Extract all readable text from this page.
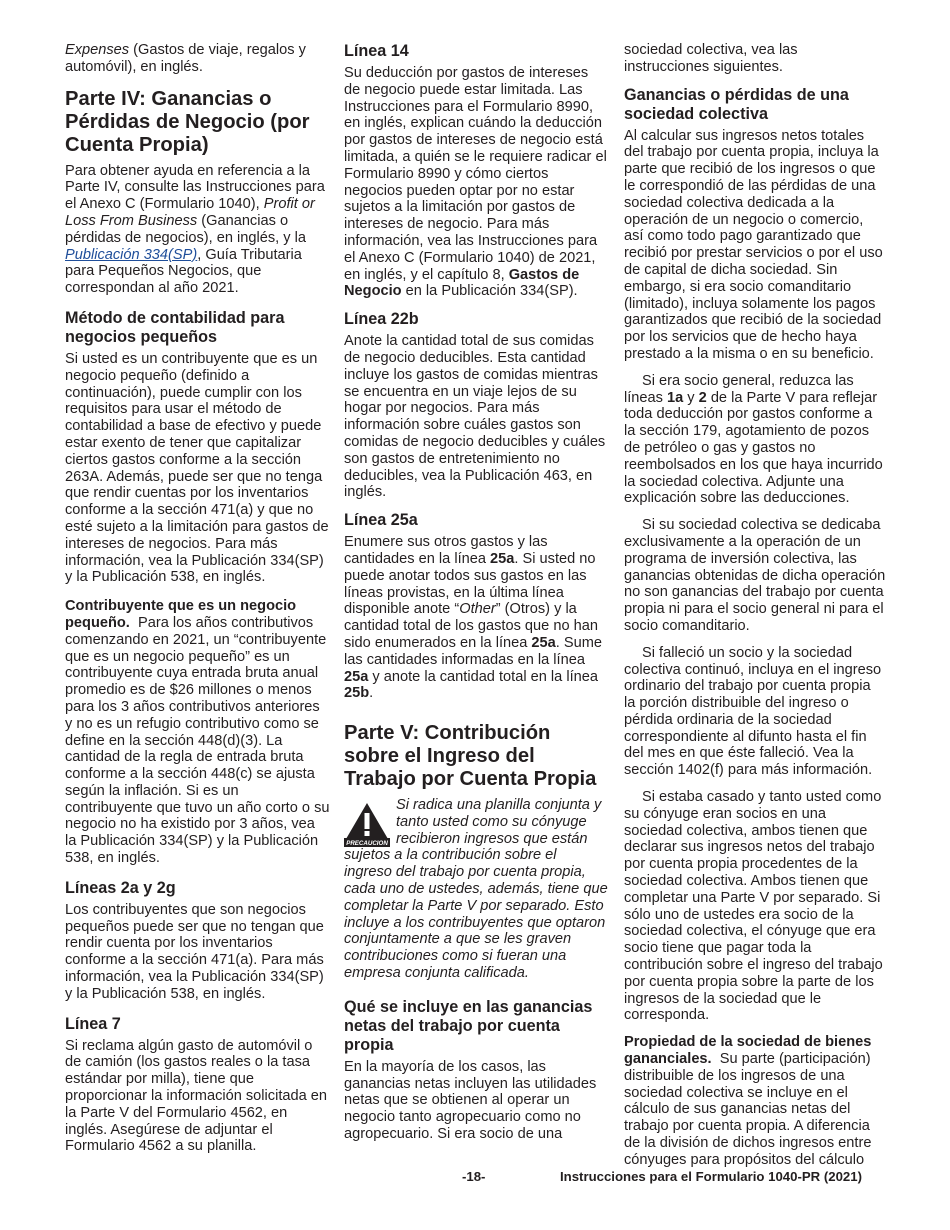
Expenses (Gastos de viaje, regalos y automóvil), en inglés.

Parte IV: Ganancias o Pérdidas de Negocio (por Cuenta Propia)

Para obtener ayuda en referencia a la Parte IV, consulte las Instrucciones para el Anexo C (Formulario 1040), Profit or Loss From Business (Ganancias o pérdidas de negocios), en inglés, y la Publicación 334(SP), Guía Tributaria para Pequeños Negocios, que correspondan al año 2021.

Método de contabilidad para negocios pequeños

Si usted es un contribuyente que es un negocio pequeño (definido a continuación), puede cumplir con los requisitos para usar el método de contabilidad a base de efectivo y puede estar exento de tener que capitalizar ciertos gastos conforme a la sección 263A. Además, puede ser que no tenga que rendir cuentas por los inventarios conforme a la sección 471(a) y que no esté sujeto a la limitación para gastos de intereses de negocios. Para más información, vea la Publicación 334(SP) y la Publicación 538, en inglés.

Contribuyente que es un negocio pequeño. Para los años contributivos comenzando en 2021, un “contribuyente que es un negocio pequeño” es un contribuyente cuya entrada bruta anual promedio es de $26 millones o menos para los 3 años contributivos anteriores y no es un refugio contributivo como se define en la sección 448(d)(3). La cantidad de la regla de entrada bruta conforme a la sección 448(c) se ajusta según la inflación. Si es un contribuyente que tuvo un año corto o su negocio no ha existido por 3 años, vea la Publicación 334(SP) y la Publicación 538, en inglés.

Líneas 2a y 2g

Los contribuyentes que son negocios pequeños puede ser que no tengan que rendir cuenta por los inventarios conforme a la sección 471(a). Para más información, vea la Publicación 334(SP) y la Publicación 538, en inglés.

Línea 7

Si reclama algún gasto de automóvil o de camión (los gastos reales o la tasa estándar por milla), tiene que proporcionar la información solicitada en la Parte V del Formulario 4562, en inglés. Asegúrese de adjuntar el Formulario 4562 a su planilla.

Línea 14

Su deducción por gastos de intereses de negocio puede estar limitada. Las Instrucciones para el Formulario 8990, en inglés, explican cuándo la deducción por gastos de intereses de negocio está limitada, a quién se le requiere radicar el Formulario 8990 y cómo ciertos negocios pueden optar por no estar sujetos a la limitación por gastos de intereses de negocio. Para más información, vea las Instrucciones para el Anexo C (Formulario 1040) de 2021, en inglés, y el capítulo 8, Gastos de Negocio en la Publicación 334(SP).

Línea 22b

Anote la cantidad total de sus comidas de negocio deducibles. Esta cantidad incluye los gastos de comidas mientras se encuentra en un viaje lejos de su hogar por negocios. Para más información sobre cuáles gastos son comidas de negocio deducibles y cuáles son gastos de entretenimiento no deducibles, vea la Publicación 463, en inglés.

Línea 25a

Enumere sus otros gastos y las cantidades en la línea 25a. Si usted no puede anotar todos sus gastos en las líneas provistas, en la última línea disponible anote “Other” (Otros) y la cantidad total de los gastos que no han sido enumerados en la línea 25a. Sume las cantidades informadas en la línea 25a y anote la cantidad total en la línea 25b.

Parte V: Contribución sobre el Ingreso del Trabajo por Cuenta Propia
PRECAUCION
Si radica una planilla conjunta y tanto usted como su cónyuge recibieron ingresos que están sujetos a la contribución sobre el ingreso del trabajo por cuenta propia, cada uno de ustedes, además, tiene que completar la Parte V por separado. Esto incluye a los contribuyentes que optaron conjuntamente a que se les graven contribuciones como si fueran una empresa conjunta calificada.
Qué se incluye en las ganancias netas del trabajo por cuenta propia

En la mayoría de los casos, las ganancias netas incluyen las utilidades netas que se obtienen al operar un negocio tanto agropecuario como no agropecuario. Si era socio de una

sociedad colectiva, vea las instrucciones siguientes.

Ganancias o pérdidas de una sociedad colectiva

Al calcular sus ingresos netos totales del trabajo por cuenta propia, incluya la parte que recibió de los ingresos o que le correspondió de las pérdidas de una sociedad colectiva dedicada a la operación de un negocio o comercio, así como todo pago garantizado que recibió por prestar servicios o por el uso de capital de dicha sociedad. Sin embargo, si era socio comanditario (limitado), incluya solamente los pagos garantizados que recibió de la sociedad por los servicios que de hecho haya prestado a la misma o en su beneficio.

Si era socio general, reduzca las líneas 1a y 2 de la Parte V para reflejar toda deducción por gastos conforme a la sección 179, agotamiento de pozos de petróleo o gas y gastos no reembolsados en los que haya incurrido la sociedad colectiva. Adjunte una explicación sobre las deducciones.

Si su sociedad colectiva se dedicaba exclusivamente a la operación de un programa de inversión colectiva, las ganancias obtenidas de dicha operación no son ganancias del trabajo por cuenta propia ni para el socio general ni para el socio comanditario.

Si falleció un socio y la sociedad colectiva continuó, incluya en el ingreso ordinario del trabajo por cuenta propia la porción distribuible del ingreso o pérdida ordinaria de la sociedad correspondiente al difunto hasta el fin del mes en que éste falleció. Vea la sección 1402(f) para más información.

Si estaba casado y tanto usted como su cónyuge eran socios en una sociedad colectiva, ambos tienen que declarar sus ingresos netos del trabajo por cuenta propia procedentes de la sociedad colectiva. Ambos tienen que completar una Parte V por separado. Si sólo uno de ustedes era socio de la sociedad colectiva, el cónyuge que era socio tiene que pagar toda la contribución sobre el ingreso del trabajo por cuenta propia sobre la parte de los ingresos de la sociedad que le corresponda.

Propiedad de la sociedad de bienes gananciales. Su parte (participación) distribuible de los ingresos de una sociedad colectiva se incluye en el cálculo de sus ganancias netas del trabajo por cuenta propia. A diferencia de la división de dichos ingresos entre cónyuges para propósitos del cálculo

-18-	Instrucciones para el Formulario 1040-PR (2021)
